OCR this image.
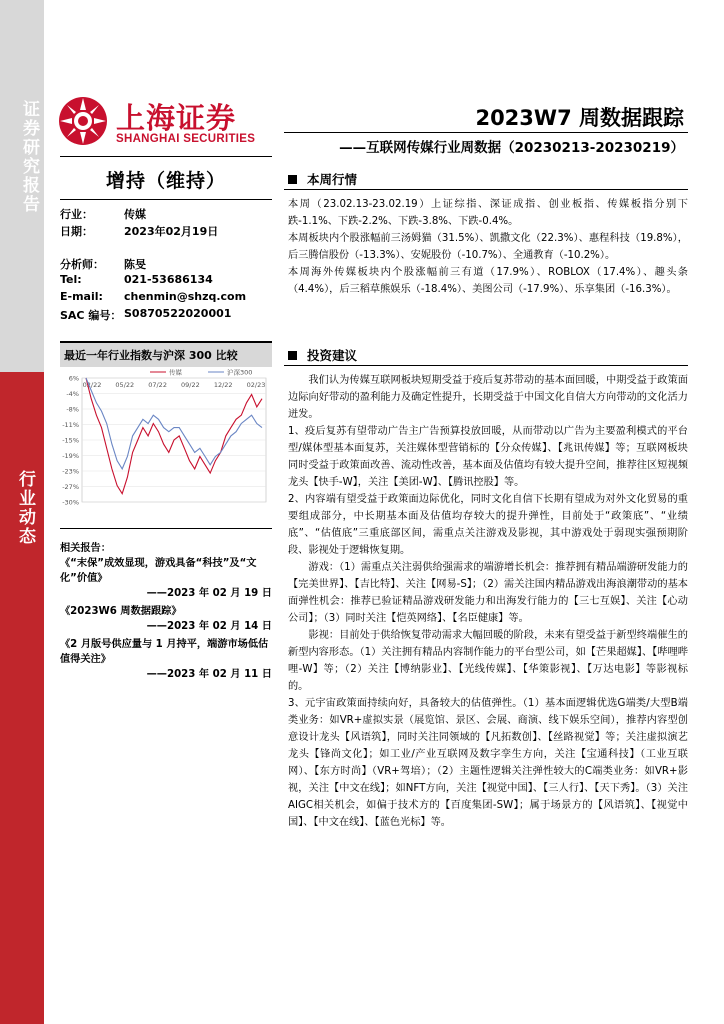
证券研究报告
行业动态
上海证券
SHANGHAI SECURITIES
2023W7 周数据跟踪
——互联网传媒行业周数据（20230213-20230219）
增持（维持）
行业：	传媒
日期：	2023年02月19日
分析师： 陈旻
Tel:	021-53686134
E-mail: chenmin@shzq.com
SAC 编号： S0870522020001
最近一年行业指数与沪深 300 比较
6%
-4%
-8%
-11%
-15%
-19%
-23%
-27%
-30%
02/22 05/22 07/22 09/22 12/22 02/23
传媒	沪深300
相关报告：
《“末保”成效显现，游戏具备“科技”及“文化”价值》
——2023 年 02 月 19 日
《2023W6 周数据跟踪》
——2023 年 02 月 14 日
《2 月版号供应量与 1 月持平，端游市场低估值得关注》
——2023 年 02 月 11 日
本周行情

本周（23.02.13-23.02.19）上证综指、深证成指、创业板指、传媒板指分别下跌-1.1%、下跌-2.2%、下跌-3.8%、下跌-0.4%。

本周板块内个股涨幅前三汤姆猫（31.5%）、凯撒文化（22.3%）、惠程科技（19.8%），后三腾信股份（-13.3%）、安妮股份（-10.7%）、全通教育（-10.2%）。

本周海外传媒板块内个股涨幅前三有道（17.9%）、ROBLOX（17.4%）、趣头条（4.4%），后三稻草熊娱乐（-18.4%）、美图公司（-17.9%）、乐享集团（-16.3%）。

投资建议

我们认为传媒互联网板块短期受益于疫后复苏带动的基本面回暖，中期受益于政策面边际向好带动的盈利能力及确定性提升，长期受益于中国文化自信大方向带动的文化活力迸发。

1、疫后复苏有望带动广告主广告预算投放回暖，从而带动以广告为主要盈利模式的平台型/媒体型基本面复苏，关注媒体型营销标的【分众传媒】、【兆讯传媒】等；互联网板块同时受益于政策面改善、流动性改善，基本面及估值均有较大提升空间，推荐往区短视频龙头【快手-W】，关注【美团-W】、【腾讯控股】等。

2、内容端有望受益于政策面边际优化，同时文化自信下长期有望成为对外文化贸易的重要组成部分，中长期基本面及估值均存较大的提升弹性，目前处于“政策底”、“业绩底”、“估值底”三重底部区间，需重点关注游戏及影视，其中游戏处于弱现实强预期阶段、影视处于逻辑恢复期。

游戏：（1）需重点关注弱供给强需求的端游增长机会：推荐拥有精品端游研发能力的【完美世界】、【吉比特】、关注【网易-S】；（2）需关注国内精品游戏出海浪潮带动的基本面弹性机会：推荐已验证精品游戏研发能力和出海发行能力的【三七互娱】、关注【心动公司】；（3）同时关注【恺英网络】、【名臣健康】等。

影视：目前处于供给恢复带动需求大幅回暖的阶段，未来有望受益于新型终端催生的新型内容形态。（1）关注拥有精品内容制作能力的平台型公司，如【芒果超媒】、【哔哩哔哩-W】等；（2）关注【博纳影业】、【光线传媒】、【华策影视】、【万达电影】等影视标的。

3、元宇宙政策面持续向好，具备较大的估值弹性。（1）基本面逻辑优选G端类/大型B端类业务：如VR+虚拟实景（展览馆、景区、会展、商演、线下娱乐空间），推荐内容型创意设计龙头【风语筑】，同时关注同领域的【凡拓数创】、【丝路视觉】等；关注虚拟演艺龙头【锋尚文化】；如工业/产业互联网及数字孪生方向，关注【宝通科技】（工业互联网）、【东方时尚】（VR+驾培）；（2）主题性逻辑关注弹性较大的C端类业务：如VR+影视，关注【中文在线】；如NFT方向，关注【视觉中国】、【三人行】、【天下秀】。（3）关注AIGC相关机会，如偏于技术方的【百度集团-SW】；属于场景方的【风语筑】、【视觉中国】、【中文在线】、【蓝色光标】等。
